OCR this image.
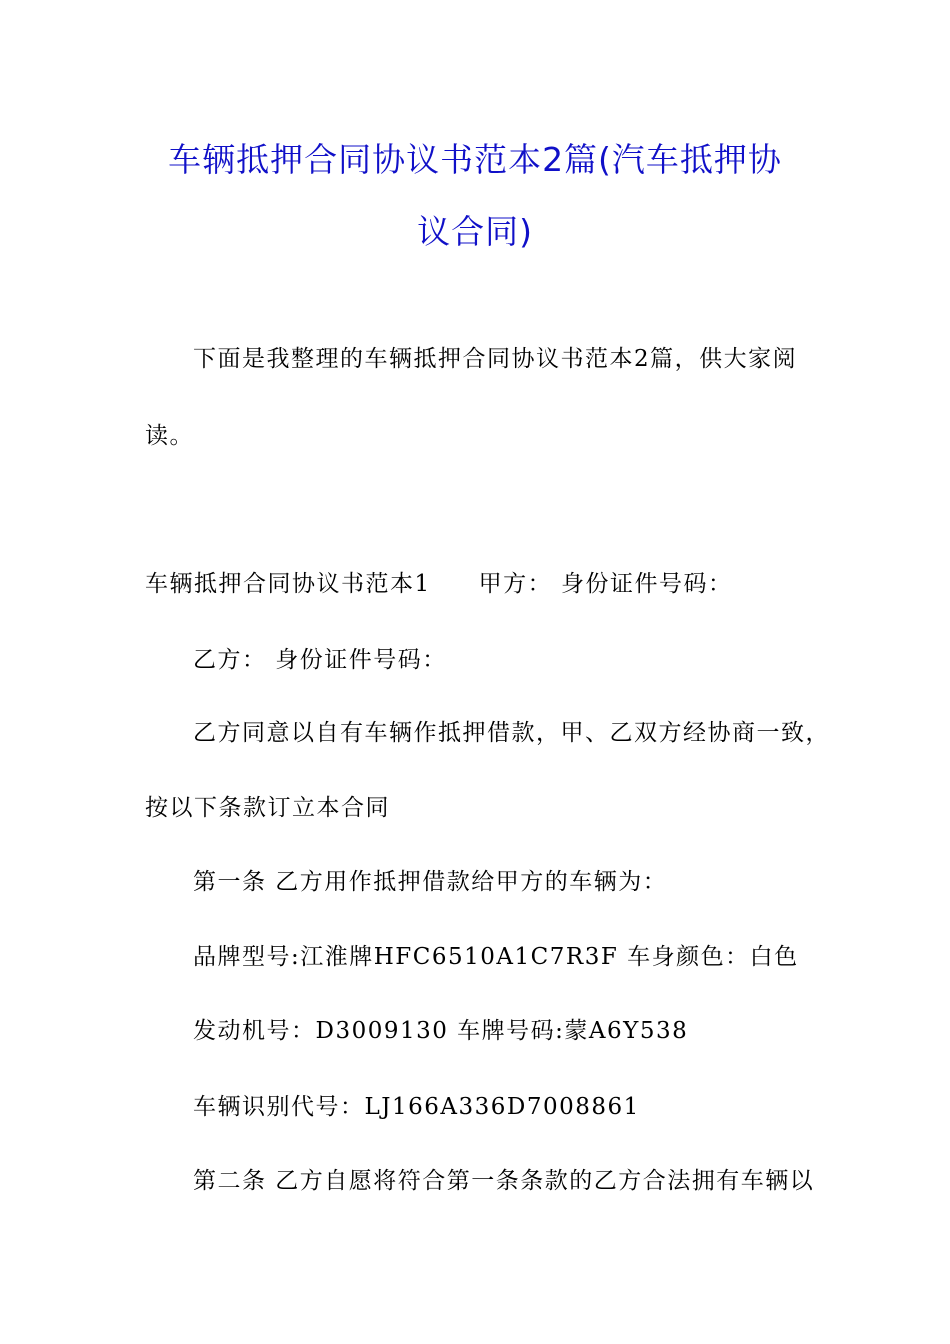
车辆抵押合同协议书范本2篇(汽车抵押协
议合同)
下面是我整理的车辆抵押合同协议书范本2篇，供大家阅
读。
车辆抵押合同协议书范本1 甲方： 身份证件号码：
乙方： 身份证件号码：
乙方同意以自有车辆作抵押借款，甲、乙双方经协商一致，
按以下条款订立本合同
第一条 乙方用作抵押借款给甲方的车辆为：
品牌型号:江淮牌HFC6510A1C7R3F 车身颜色：白色
发动机号：D3009130 车牌号码:蒙A6Y538
车辆识别代号：LJ166A336D7008861
第二条 乙方自愿将符合第一条条款的乙方合法拥有车辆以
